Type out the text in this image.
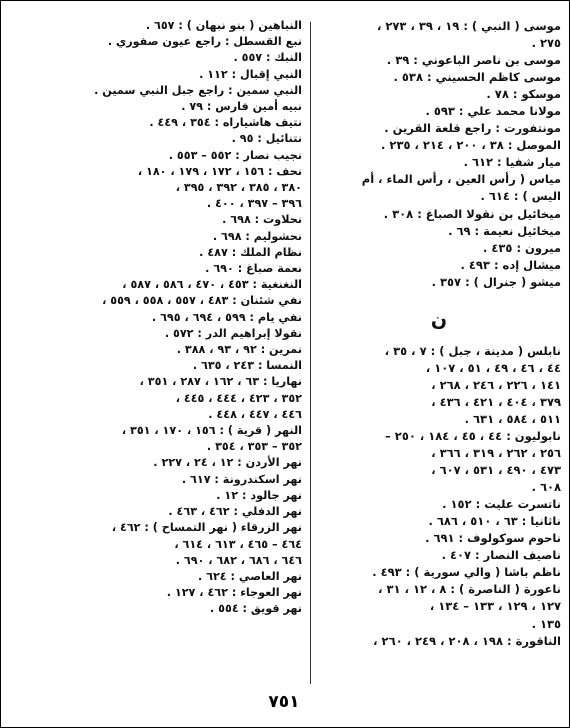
موسى ( النبي ) : ١٩ ، ٣٩ ، ٢٧٣ ،
٢٧٥ .
موسى بن ناصر الباعوني : ٣٩ .
موسى كاظم الحسيني : ٥٣٨ .
موسكو : ٧٨ .
مولانا محمد علي : ٥٩٣ .
مونتفورت : راجع قلعة القرين .
الموصل : ٣٨ ، ٢٠٠ ، ٢١٤ ، ٢٣٥ .
ميار شفيا : ٦١٢ .
مياس ( رأس العين ، رأس الماء ، أم
اليس ) : ٦١٤ .
ميخائيل بن نقولا الصباغ : ٣٠٨ .
ميخائيل نعيمة : ٦٩ .
ميرون : ٤٣٥ .
ميشال إده : ٤٩٣ .
ميشو ( جنرال ) : ٣٥٧ .
ن
نابلس ( مدينة ، جبل ) : ٧ ، ٣٥ ،
٤٤ ، ٤٦ ، ٤٩ ، ٥١ ، ١٠٧ ،
١٤١ ، ٢٢٦ ، ٢٤٦ ، ٢٦٨ ،
٣٧٩ ، ٤٠٤ ، ٤٢١ ، ٤٣٦ ،
٥١١ ، ٥٨٤ ، ٦٣١ .
نابوليون : ٤٤ ، ٤٥ ، ١٨٤ ، ٢٥٠ –
٢٥٦ ، ٢٦٢ ، ٣١٩ ، ٣٦٦ ،
٤٧٣ ، ٤٩٠ ، ٥٣١ ، ٦٠٧ ،
٦٠٨ .
ناتسرت عليت : ١٥٢ .
ناثانيا : ٦٣ ، ٥١٠ ، ٦٨٦ .
ناحوم سوكولوف : ٦٩١ .
ناصيف النصار : ٤٠٧ .
ناظم باشا ( والي سورية ) : ٤٩٣ .
ناعورة ( الناصرة ) : ٨ ، ١٢ ، ٣١ ،
١٢٧ ، ١٢٩ ، ١٣٣ – ١٣٤ ،
١٣٥ .
الناقورة : ١٩٨ ، ٢٠٨ ، ٢٤٩ ، ٢٦٠ ،
النباهين ( بنو نبهان ) : ٦٥٧ .
نبع القسطل : راجع عيون صفوري .
النبك : ٥٥٧ .
النبي إقبال : ١١٢ .
النبي سمين : راجع جبل النبي سمين .
نبيه أمين فارس : ٧٩ .
نتيف هاشياراه : ٣٥٤ ، ٤٤٩ .
نتنائيل : ٩٥ .
نجيب نصار : ٥٥٢ – ٥٥٣ .
نحف : ١٥٦ ، ١٧٢ ، ١٧٩ ، ١٨٠ ،
٣٨٠ ، ٣٨٥ ، ٣٩٢ ، ٣٩٥ ،
٣٩٦ – ٣٩٧ ، ٤٠٠ .
نحلاوت : ٦٩٨ .
نحشوليم : ٦٩٨ .
نظام الملك : ٤٨٧ .
نعمة صباغ : ٦٩٠ .
النغنغية : ٤٥٣ ، ٤٧٠ ، ٥٨٦ ، ٥٨٧ ،
نفي شئنان : ٤٨٣ ، ٥٥٧ ، ٥٥٨ ، ٥٥٩ ،
نفي يام : ٥٩٩ ، ٦٩٤ ، ٦٩٥ .
نقولا إبراهيم الدر : ٥٧٢ .
نمرين : ٩٢ ، ٩٣ ، ٣٨٨ .
النمسا : ٢٤٣ ، ٦٣٥ .
نهاريا : ٦٣ ، ١٦٢ ، ٢٨٧ ، ٣٥١ ،
٣٥٢ ، ٤٢٣ ، ٤٤٤ ، ٤٤٥ ،
٤٤٦ ، ٤٤٧ ، ٤٤٨ .
النهر ( قرية ) : ١٥٦ ، ١٧٠ ، ٣٥١ ،
٣٥٢ – ٣٥٣ ، ٣٥٤ .
نهر الأردن : ١٢ ، ٢٤ ، ٢٢٧ .
نهر اسكندرونة : ٦١٧ .
نهر جالود : ١٢ .
نهر الدفلي : ٤٦٢ ، ٤٦٣ .
نهر الزرقاء ( نهر التمساح ) : ٤٦٢ ،
٤٦٤ – ٤٦٥ ، ٦١٣ ، ٦١٤ ،
٦٤٦ ، ٦٨٦ ، ٦٨٢ ، ٦٩٠ .
نهر العاصي : ٦٢٤ .
نهر العوجاء : ٤٦٢ ، ١٢٧ .
نهر قويق : ٥٥٤ .
٧٥١
